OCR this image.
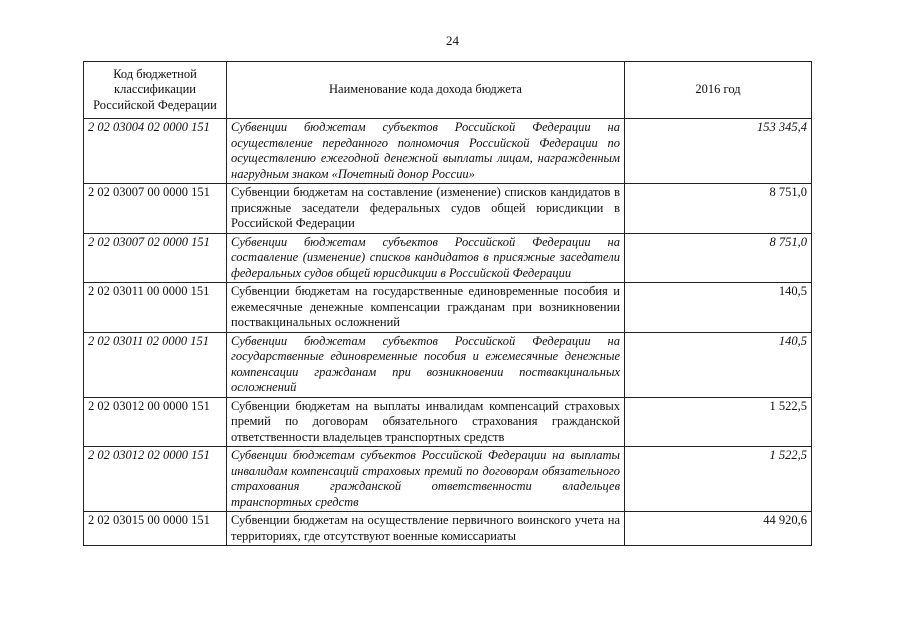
24
Код бюджетной классификации Российской Федерации	Наименование кода дохода бюджета	2016 год
2 02 03004 02 0000 151	Субвенции бюджетам субъектов Российской Федерации на осуществление переданного полномочия Российской Федерации по осуществлению ежегодной денежной выплаты лицам, награжденным нагрудным знаком «Почетный донор России»	153 345,4
2 02 03007 00 0000 151	Субвенции бюджетам на составление (изменение) списков кандидатов в присяжные заседатели федеральных судов общей юрисдикции в Российской Федерации	8 751,0
2 02 03007 02 0000 151	Субвенции бюджетам субъектов Российской Федерации на составление (изменение) списков кандидатов в присяжные заседатели федеральных судов общей юрисдикции в Российской Федерации	8 751,0
2 02 03011 00 0000 151	Субвенции бюджетам на государственные единовременные пособия и ежемесячные денежные компенсации гражданам при возникновении поствакцинальных осложнений	140,5
2 02 03011 02 0000 151	Субвенции бюджетам субъектов Российской Федерации на государственные единовременные пособия и ежемесячные денежные компенсации гражданам при возникновении поствакцинальных осложнений	140,5
2 02 03012 00 0000 151	Субвенции бюджетам на выплаты инвалидам компенсаций страховых премий по договорам обязательного страхования гражданской ответственности владельцев транспортных средств	1 522,5
2 02 03012 02 0000 151	Субвенции бюджетам субъектов Российской Федерации на выплаты инвалидам компенсаций страховых премий по договорам обязательного страхования гражданской ответственности владельцев транспортных средств	1 522,5
2 02 03015 00 0000 151	Субвенции бюджетам на осуществление первичного воинского учета на территориях, где отсутствуют военные комиссариаты	44 920,6
